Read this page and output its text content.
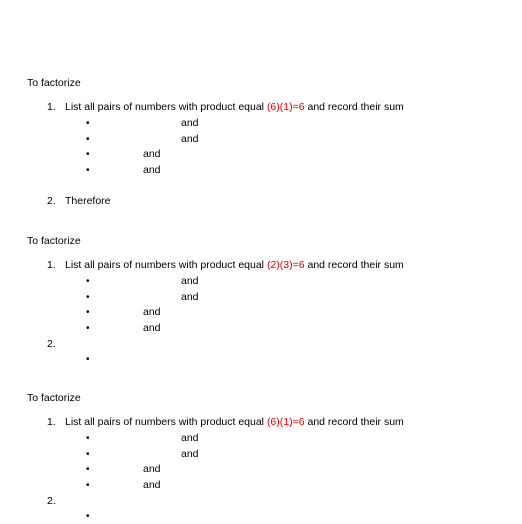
To factorize
1. List all pairs of numbers with product equal (6)(1)=6 and record their sum
•	and
•	and
•	and
•	and
2. Therefore
To factorize
1. List all pairs of numbers with product equal (2)(3)=6 and record their sum
•	and
•	and
•	and
•	and
2.
•
To factorize
1. List all pairs of numbers with product equal (6)(1)=6 and record their sum
•	and
•	and
•	and
•	and
2.
•
